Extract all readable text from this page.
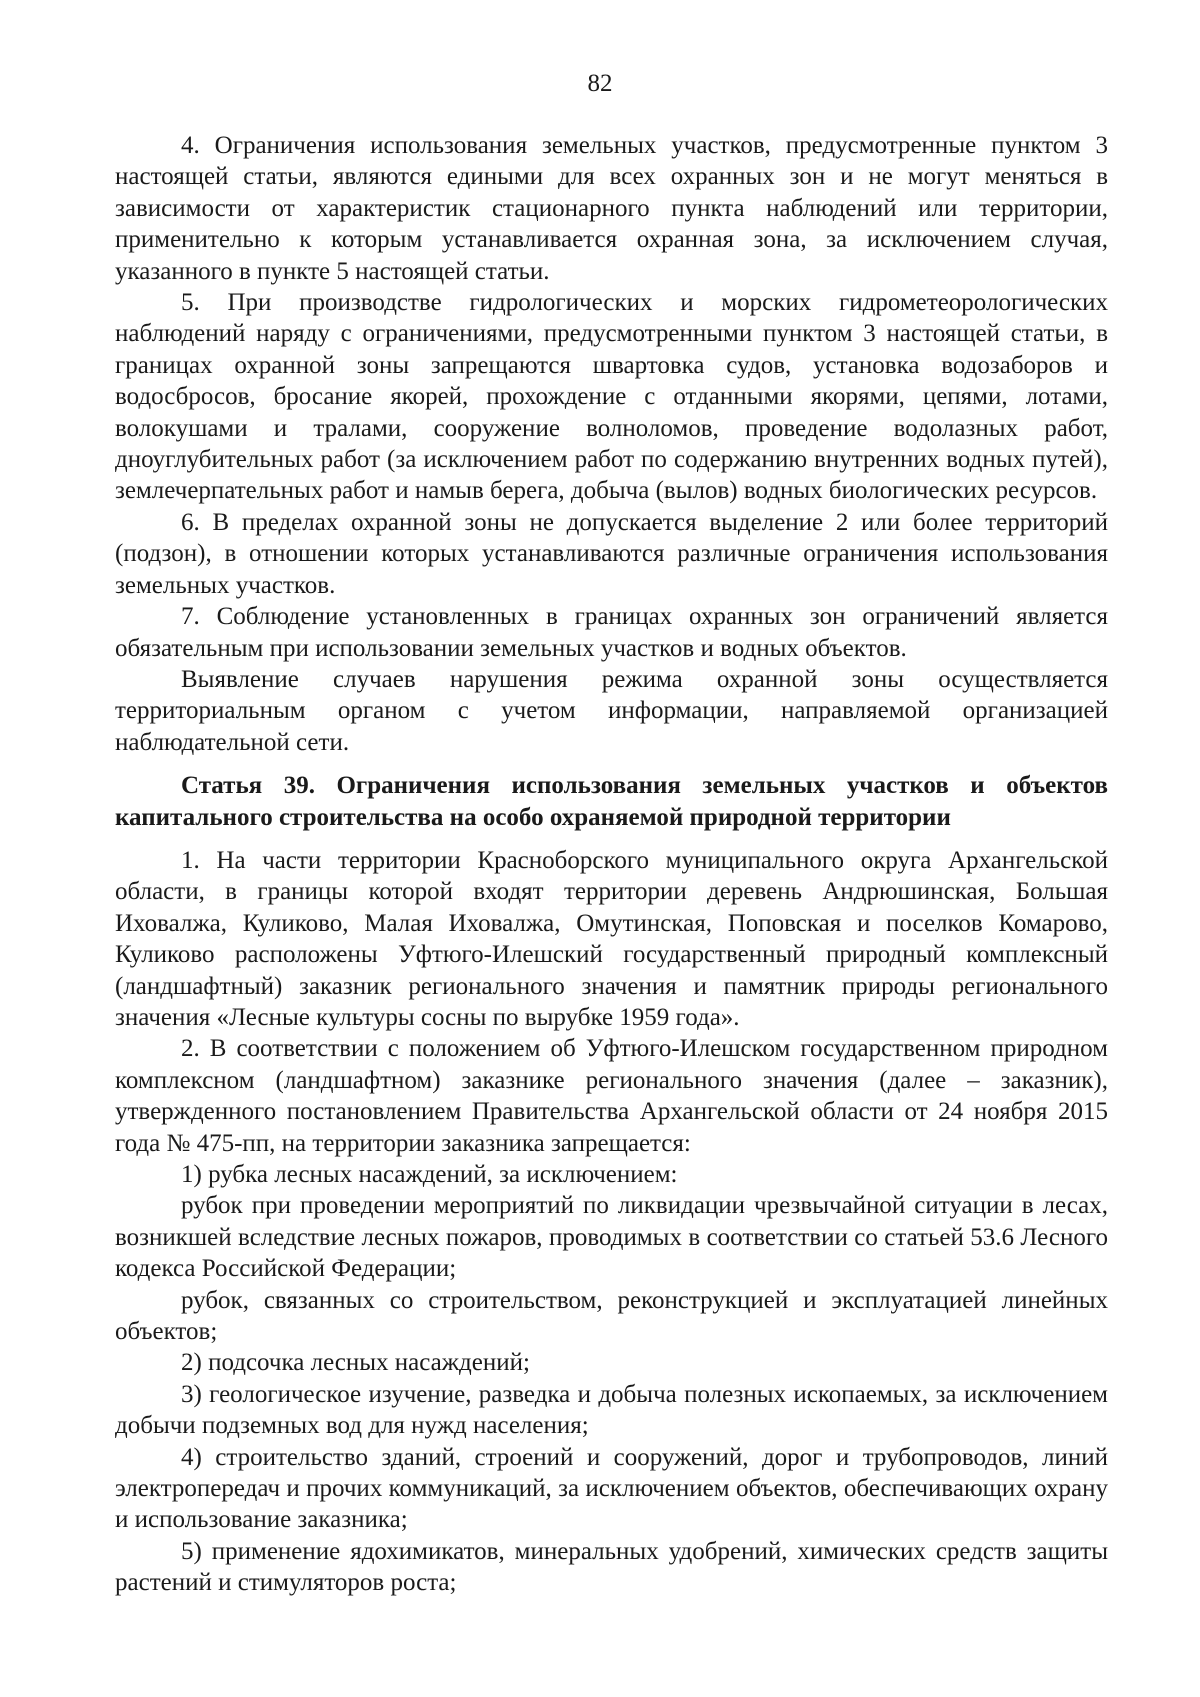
82

4. Ограничения использования земельных участков, предусмотренные пунктом 3 настоящей статьи, являются едиными для всех охранных зон и не могут меняться в зависимости от характеристик стационарного пункта наблюдений или территории, применительно к которым устанавливается охранная зона, за исключением случая, указанного в пункте 5 настоящей статьи.

5. При производстве гидрологических и морских гидрометеорологических наблюдений наряду с ограничениями, предусмотренными пунктом 3 настоящей статьи, в границах охранной зоны запрещаются швартовка судов, установка водозаборов и водосбросов, бросание якорей, прохождение с отданными якорями, цепями, лотами, волокушами и тралами, сооружение волноломов, проведение водолазных работ, дноуглубительных работ (за исключением работ по содержанию внутренних водных путей), землечерпательных работ и намыв берега, добыча (вылов) водных биологических ресурсов.

6. В пределах охранной зоны не допускается выделение 2 или более территорий (подзон), в отношении которых устанавливаются различные ограничения использования земельных участков.

7. Соблюдение установленных в границах охранных зон ограничений является обязательным при использовании земельных участков и водных объектов.

Выявление случаев нарушения режима охранной зоны осуществляется территориальным органом с учетом информации, направляемой организацией наблюдательной сети.

Статья 39. Ограничения использования земельных участков и объектов капитального строительства на особо охраняемой природной территории

1. На части территории Красноборского муниципального округа Архангельской области, в границы которой входят территории деревень Андрюшинская, Большая Иховалжа, Куликово, Малая Иховалжа, Омутинская, Поповская и поселков Комарово, Куликово расположены Уфтюго-Илешский государственный природный комплексный (ландшафтный) заказник регионального значения и памятник природы регионального значения «Лесные культуры сосны по вырубке 1959 года».

2. В соответствии с положением об Уфтюго-Илешском государственном природном комплексном (ландшафтном) заказнике регионального значения (далее – заказник), утвержденного постановлением Правительства Архангельской области от 24 ноября 2015 года № 475-пп, на территории заказника запрещается:

1) рубка лесных насаждений, за исключением:

рубок при проведении мероприятий по ликвидации чрезвычайной ситуации в лесах, возникшей вследствие лесных пожаров, проводимых в соответствии со статьей 53.6 Лесного кодекса Российской Федерации;

рубок, связанных со строительством, реконструкцией и эксплуатацией линейных объектов;

2) подсочка лесных насаждений;

3) геологическое изучение, разведка и добыча полезных ископаемых, за исключением добычи подземных вод для нужд населения;

4) строительство зданий, строений и сооружений, дорог и трубопроводов, линий электропередач и прочих коммуникаций, за исключением объектов, обеспечивающих охрану и использование заказника;

5) применение ядохимикатов, минеральных удобрений, химических средств защиты растений и стимуляторов роста;
